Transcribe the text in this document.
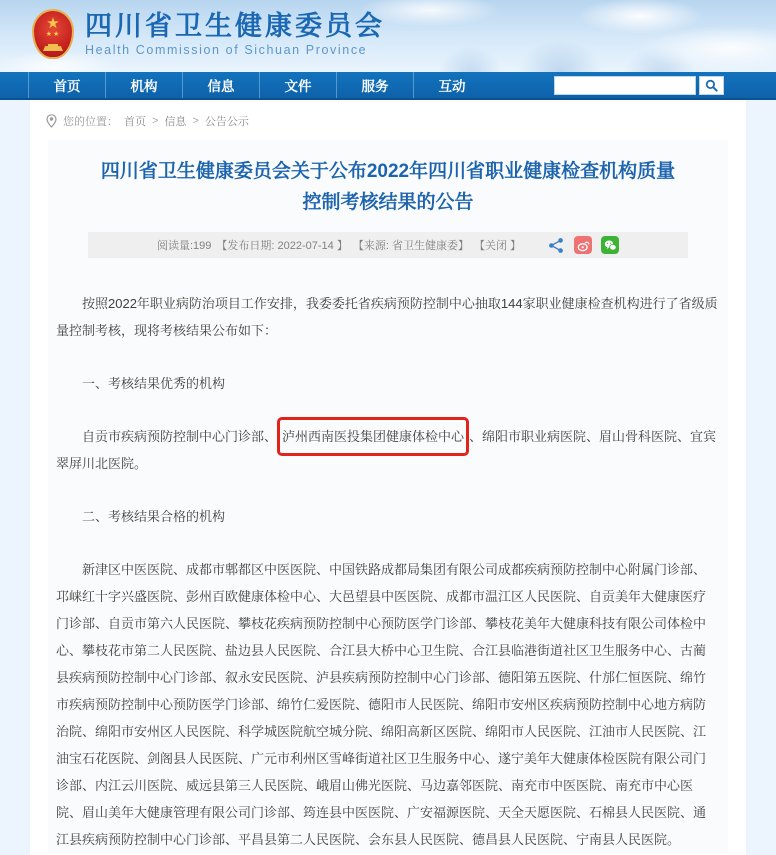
★
★★ 四川省卫生健康委员会
Health Commission of Sichuan Province
首页	机构	信息	文件	服务	互动
您的位置： 首页 > 信息 > 公告公示
四川省卫生健康委员会关于公布2022年四川省职业健康检查机构质量控制考核结果的公告
阅读量:199 【发布日期: 2022-07-14 】 【来源: 省卫生健康委】 【关闭 】

按照2022年职业病防治项目工作安排，我委委托省疾病预防控制中心抽取144家职业健康检查机构进行了省级质量控制考核，现将考核结果公布如下：

一、考核结果优秀的机构

自贡市疾病预防控制中心门诊部、 泸州西南医投集团健康体检中心 、绵阳市职业病医院、眉山骨科医院、宜宾翠屏川北医院。

二、考核结果合格的机构

新津区中医医院、成都市郫都区中医医院、中国铁路成都局集团有限公司成都疾病预防控制中心附属门诊部、邛崃红十字兴盛医院、彭州百欧健康体检中心、大邑望县中医医院、成都市温江区人民医院、自贡美年大健康医疗门诊部、自贡市第六人民医院、攀枝花疾病预防控制中心预防医学门诊部、攀枝花美年大健康科技有限公司体检中心、攀枝花市第二人民医院、盐边县人民医院、合江县大桥中心卫生院、合江县临港街道社区卫生服务中心、古蔺县疾病预防控制中心门诊部、叙永安民医院、泸县疾病预防控制中心门诊部、德阳第五医院、什邡仁恒医院、绵竹市疾病预防控制中心预防医学门诊部、绵竹仁爱医院、德阳市人民医院、绵阳市安州区疾病预防控制中心地方病防治院、绵阳市安州区人民医院、科学城医院航空城分院、绵阳高新区医院、绵阳市人民医院、江油市人民医院、江油宝石花医院、剑阁县人民医院、广元市利州区雪峰街道社区卫生服务中心、遂宁美年大健康体检医院有限公司门诊部、内江云川医院、威远县第三人民医院、峨眉山佛光医院、马边嘉邻医院、南充市中医医院、南充市中心医院、眉山美年大健康管理有限公司门诊部、筠连县中医医院、广安福源医院、天全天愿医院、石棉县人民医院、通江县疾病预防控制中心门诊部、平昌县第二人民医院、会东县人民医院、德昌县人民医院、宁南县人民医院。
